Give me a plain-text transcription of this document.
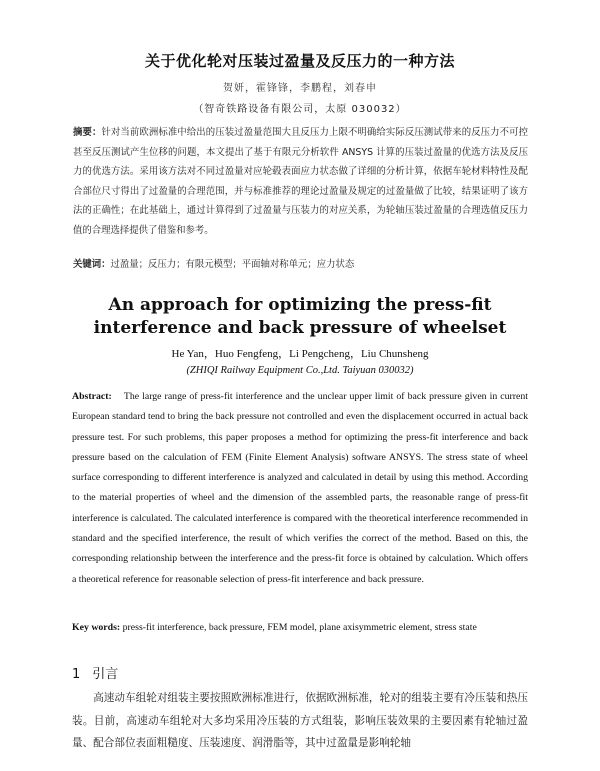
关于优化轮对压装过盈量及反压力的一种方法
贺妍，霍锋锋，李鹏程，刘春申
（智奇铁路设备有限公司，太原 030032）
摘要：针对当前欧洲标准中给出的压装过盈量范围大且反压力上限不明确给实际反压测试带来的反压力不可控甚至反压测试产生位移的问题，本文提出了基于有限元分析软件 ANSYS 计算的压装过盈量的优选方法及反压力的优选方法。采用该方法对不同过盈量对应轮毂表面应力状态做了详细的分析计算，依据车轮材料特性及配合部位尺寸得出了过盈量的合理范围，并与标准推荐的理论过盈量及规定的过盈量做了比较，结果证明了该方法的正确性；在此基础上，通过计算得到了过盈量与压装力的对应关系，为轮轴压装过盈量的合理选值反压力值的合理选择提供了借鉴和参考。
关键词：过盈量；反压力；有限元模型；平面轴对称单元；应力状态
An approach for optimizing the press-fit interference and back pressure of wheelset
He Yan，Huo Fengfeng，Li Pengcheng，Liu Chunsheng
(ZHIQI Railway Equipment Co.,Ltd. Taiyuan 030032)
Abstract: The large range of press-fit interference and the unclear upper limit of back pressure given in current European standard tend to bring the back pressure not controlled and even the displacement occurred in actual back pressure test. For such problems, this paper proposes a method for optimizing the press-fit interference and back pressure based on the calculation of FEM (Finite Element Analysis) software ANSYS. The stress state of wheel surface corresponding to different interference is analyzed and calculated in detail by using this method. According to the material properties of wheel and the dimension of the assembled parts, the reasonable range of press-fit interference is calculated. The calculated interference is compared with the theoretical interference recommended in standard and the specified interference, the result of which verifies the correct of the method. Based on this, the corresponding relationship between the interference and the press-fit force is obtained by calculation. Which offers a theoretical reference for reasonable selection of press-fit interference and back pressure.
Key words: press-fit interference, back pressure, FEM model, plane axisymmetric element, stress state
1 引言
高速动车组轮对组装主要按照欧洲标准进行，依据欧洲标准，轮对的组装主要有冷压装和热压装。目前，高速动车组轮对大多均采用冷压装的方式组装，影响压装效果的主要因素有轮轴过盈量、配合部位表面粗糙度、压装速度、润滑脂等，其中过盈量是影响轮轴
